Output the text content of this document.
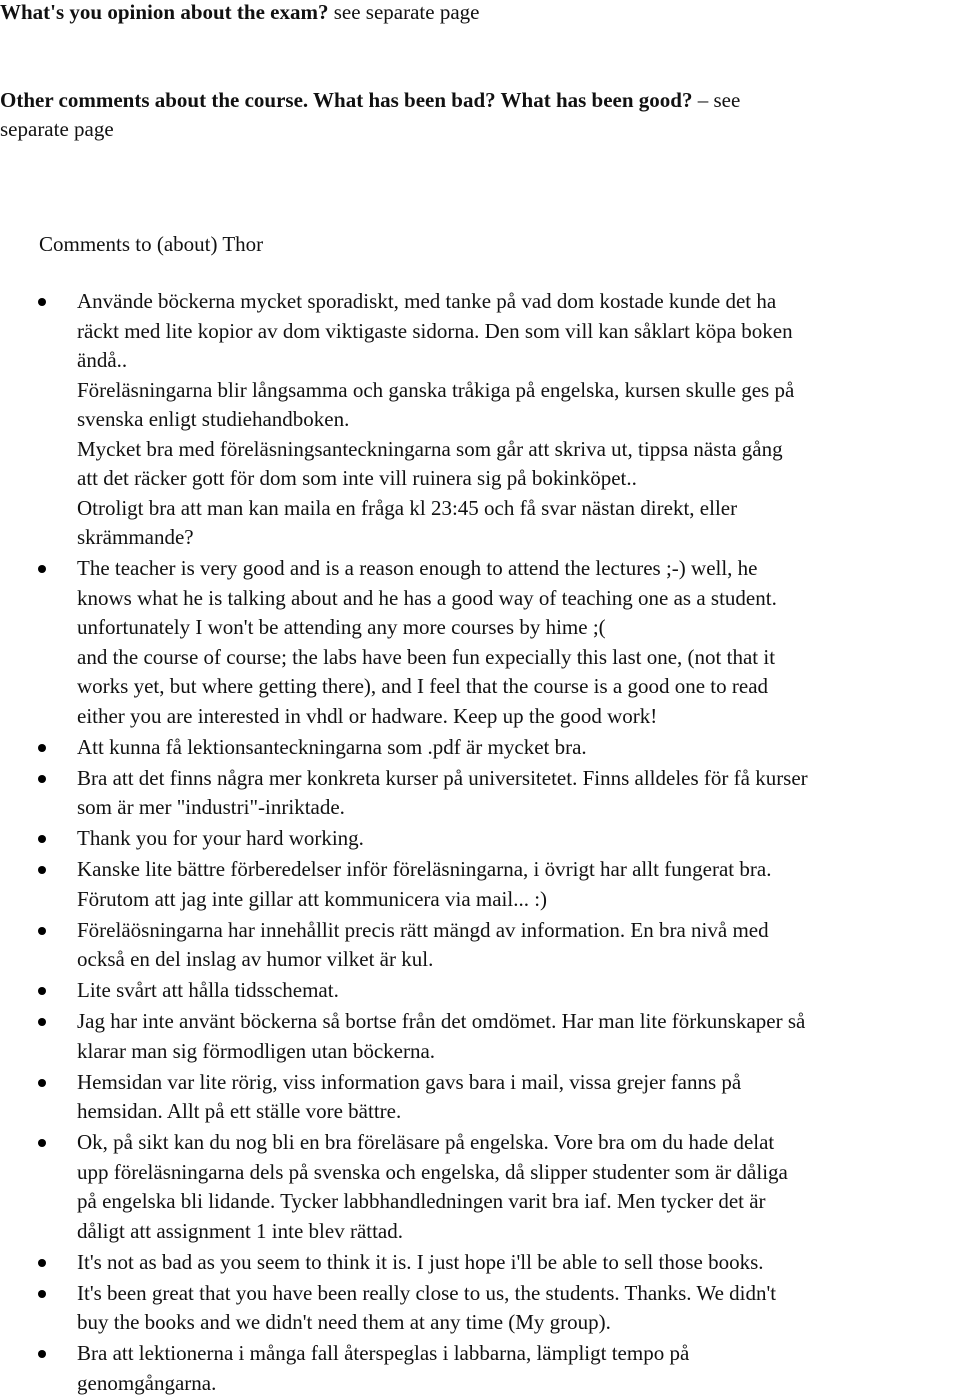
What's you opinion about the exam? see separate page
Other comments about the course. What has been bad? What has been good? – see
separate page
Comments to (about) Thor
Använde böckerna mycket sporadiskt, med tanke på vad dom kostade kunde det ha
räckt med lite kopior av dom viktigaste sidorna. Den som vill kan såklart köpa boken
ändå..
Föreläsningarna blir långsamma och ganska tråkiga på engelska, kursen skulle ges på
svenska enligt studiehandboken.
Mycket bra med föreläsningsanteckningarna som går att skriva ut, tippsa nästa gång
att det räcker gott för dom som inte vill ruinera sig på bokinköpet..
Otroligt bra att man kan maila en fråga kl 23:45 och få svar nästan direkt, eller
skrämmande?
The teacher is very good and is a reason enough to attend the lectures ;-) well, he
knows what he is talking about and he has a good way of teaching one as a student.
unfortunately I won't be attending any more courses by hime ;(
and the course of course; the labs have been fun expecially this last one, (not that it
works yet, but where getting there), and I feel that the course is a good one to read
either you are interested in vhdl or hadware. Keep up the good work!
Att kunna få lektionsanteckningarna som .pdf är mycket bra.
Bra att det finns några mer konkreta kurser på universitetet. Finns alldeles för få kurser
som är mer "industri"-inriktade.
Thank you for your hard working.
Kanske lite bättre förberedelser inför föreläsningarna, i övrigt har allt fungerat bra.
Förutom att jag inte gillar att kommunicera via mail... :)
Föreläösningarna har innehållit precis rätt mängd av information. En bra nivå med
också en del inslag av humor vilket är kul.
Lite svårt att hålla tidsschemat.
Jag har inte använt böckerna så bortse från det omdömet. Har man lite förkunskaper så
klarar man sig förmodligen utan böckerna.
Hemsidan var lite rörig, viss information gavs bara i mail, vissa grejer fanns på
hemsidan. Allt på ett ställe vore bättre.
Ok, på sikt kan du nog bli en bra föreläsare på engelska. Vore bra om du hade delat
upp föreläsningarna dels på svenska och engelska, då slipper studenter som är dåliga
på engelska bli lidande. Tycker labbhandledningen varit bra iaf. Men tycker det är
dåligt att assignment 1 inte blev rättad.
It's not as bad as you seem to think it is. I just hope i'll be able to sell those books.
It's been great that you have been really close to us, the students. Thanks. We didn't
buy the books and we didn't need them at any time (My group).
Bra att lektionerna i många fall återspeglas i labbarna, lämpligt tempo på
genomgångarna.
